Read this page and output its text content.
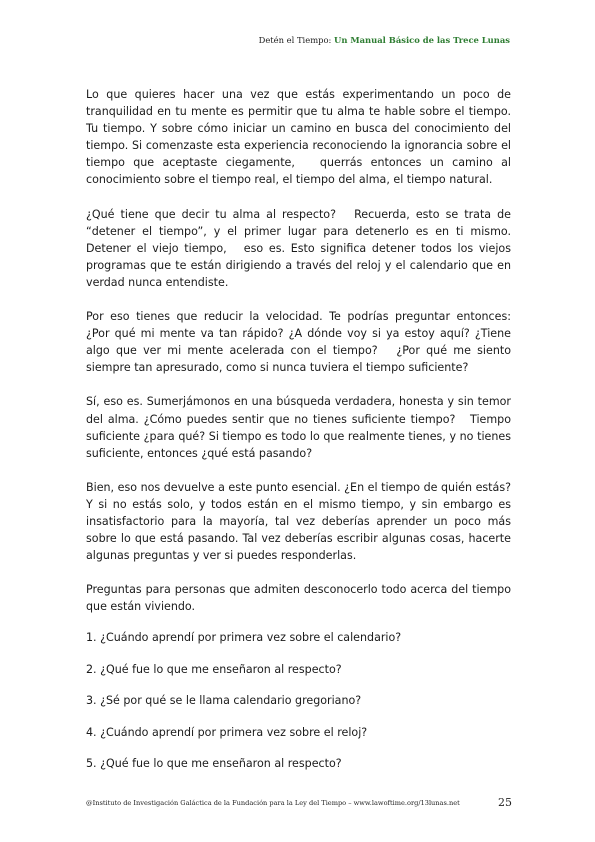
Detén el Tiempo: Un Manual Básico de las Trece Lunas

Lo que quieres hacer una vez que estás experimentando un poco de tranquilidad en tu mente es permitir que tu alma te hable sobre el tiempo. Tu tiempo. Y sobre cómo iniciar un camino en busca del conocimiento del tiempo. Si comenzaste esta experiencia reconociendo la ignorancia sobre el tiempo que aceptaste ciegamente,   querrás entonces un camino al conocimiento sobre el tiempo real, el tiempo del alma, el tiempo natural.

¿Qué tiene que decir tu alma al respecto?   Recuerda, esto se trata de “detener el tiempo”, y el primer lugar para detenerlo es en ti mismo. Detener el viejo tiempo,   eso es. Esto significa detener todos los viejos programas que te están dirigiendo a través del reloj y el calendario que en verdad nunca entendiste.

Por eso tienes que reducir la velocidad. Te podrías preguntar entonces:   ¿Por qué mi mente va tan rápido? ¿A dónde voy si ya estoy aquí? ¿Tiene algo que ver mi mente acelerada con el tiempo?   ¿Por qué me siento siempre tan apresurado, como si nunca tuviera el tiempo suficiente?

Sí, eso es. Sumerjámonos en una búsqueda verdadera, honesta y sin temor del alma. ¿Cómo puedes sentir que no tienes suficiente tiempo?   Tiempo suficiente ¿para qué? Si tiempo es todo lo que realmente tienes, y no tienes suficiente, entonces ¿qué está pasando?

Bien, eso nos devuelve a este punto esencial. ¿En el tiempo de quién estás?   Y si no estás solo, y todos están en el mismo tiempo, y sin embargo es insatisfactorio para la mayoría, tal vez deberías aprender un poco más sobre lo que está pasando. Tal vez deberías escribir algunas cosas, hacerte algunas preguntas y ver si puedes responderlas.

Preguntas para personas que admiten desconocerlo todo acerca del tiempo que están viviendo.

1. ¿Cuándo aprendí por primera vez sobre el calendario?
2. ¿Qué fue lo que me enseñaron al respecto?
3. ¿Sé por qué se le llama calendario gregoriano?
4. ¿Cuándo aprendí por primera vez sobre el reloj?
5. ¿Qué fue lo que me enseñaron al respecto?
@Instituto de Investigación Galáctica de la Fundación para la Ley del Tiempo – www.lawoftime.org/13lunas.net	25
